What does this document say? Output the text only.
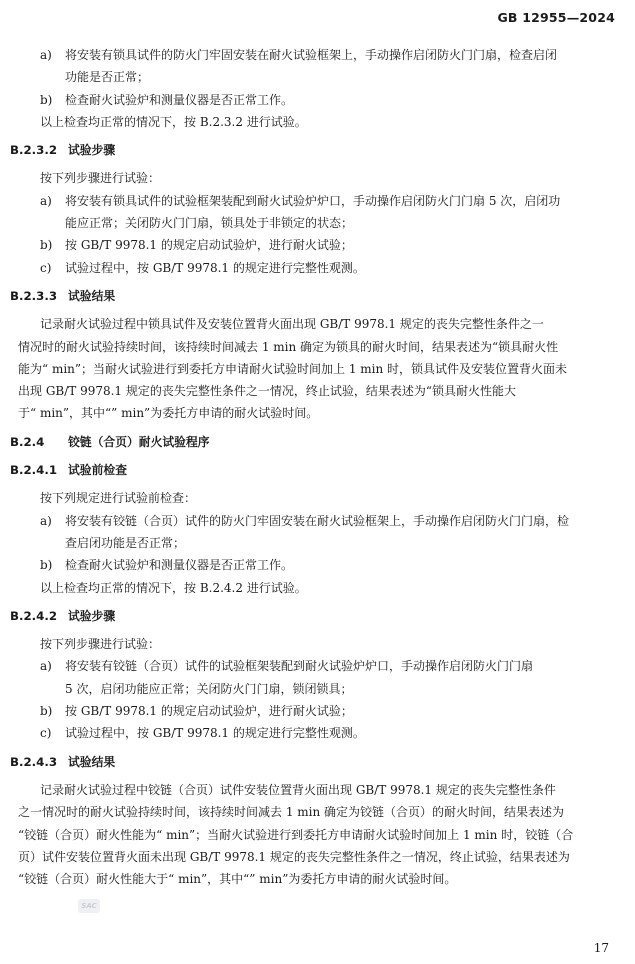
GB 12955—2024
a)	将安装有锁具试件的防火门牢固安装在耐火试验框架上，手动操作启闭防火门门扇，检查启闭
功能是否正常；
b)	检查耐火试验炉和测量仪器是否正常工作。
以上检查均正常的情况下，按 B.2.3.2 进行试验。
B.2.3.2 试验步骤
按下列步骤进行试验：
a)	将安装有锁具试件的试验框架装配到耐火试验炉炉口，手动操作启闭防火门门扇 5 次，启闭功
能应正常；关闭防火门门扇，锁具处于非锁定的状态；
b)	按 GB/T 9978.1 的规定启动试验炉，进行耐火试验；
c)	试验过程中，按 GB/T 9978.1 的规定进行完整性观测。
B.2.3.3 试验结果
记录耐火试验过程中锁具试件及安装位置背火面出现 GB/T 9978.1 规定的丧失完整性条件之一
情况时的耐火试验持续时间，该持续时间减去 1 min 确定为锁具的耐火时间，结果表述为“锁具耐火性
能为“ min”；当耐火试验进行到委托方申请耐火试验时间加上 1 min 时，锁具试件及安装位置背火面未
出现 GB/T 9978.1 规定的丧失完整性条件之一情况，终止试验，结果表述为“锁具耐火性能大
于“ min”，其中“” min”为委托方申请的耐火试验时间。
B.2.4 铰链（合页）耐火试验程序
B.2.4.1 试验前检查
按下列规定进行试验前检查：
a)	将安装有铰链（合页）试件的防火门牢固安装在耐火试验框架上，手动操作启闭防火门门扇，检
查启闭功能是否正常；
b)	检查耐火试验炉和测量仪器是否正常工作。
以上检查均正常的情况下，按 B.2.4.2 进行试验。
B.2.4.2 试验步骤
按下列步骤进行试验：
a)	将安装有铰链（合页）试件的试验框架装配到耐火试验炉炉口，手动操作启闭防火门门扇
5 次，启闭功能应正常；关闭防火门门扇，锁闭锁具；
b)	按 GB/T 9978.1 的规定启动试验炉，进行耐火试验；
c)	试验过程中，按 GB/T 9978.1 的规定进行完整性观测。
B.2.4.3 试验结果
记录耐火试验过程中铰链（合页）试件安装位置背火面出现 GB/T 9978.1 规定的丧失完整性条件
之一情况时的耐火试验持续时间，该持续时间减去 1 min 确定为铰链（合页）的耐火时间，结果表述为
“铰链（合页）耐火性能为“ min”；当耐火试验进行到委托方申请耐火试验时间加上 1 min 时，铰链（合
页）试件安装位置背火面未出现 GB/T 9978.1 规定的丧失完整性条件之一情况，终止试验，结果表述为
“铰链（合页）耐火性能大于“ min”，其中“” min”为委托方申请的耐火试验时间。
SAC
17
